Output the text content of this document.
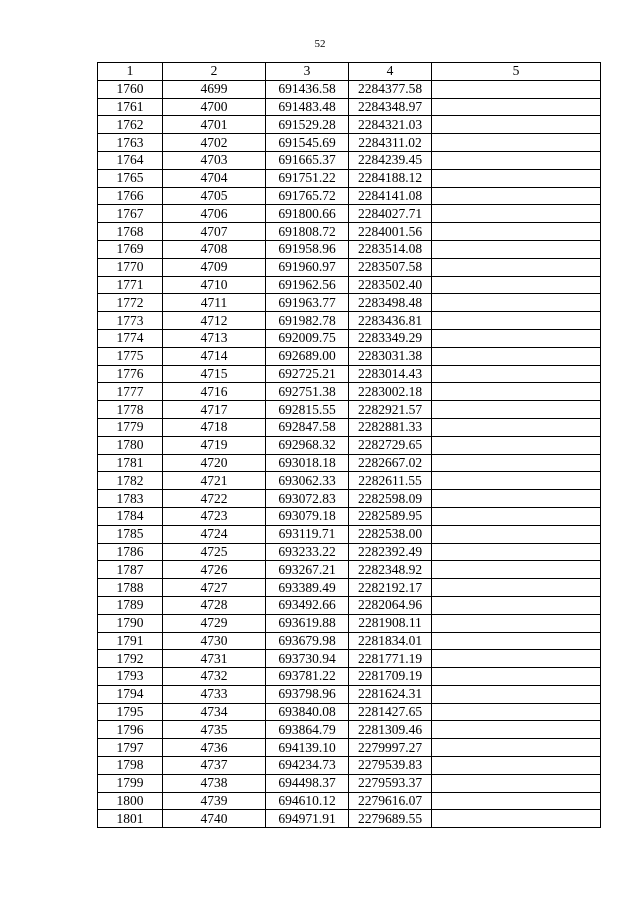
52
1	2	3	4	5
1760	4699	691436.58	2284377.58	
1761	4700	691483.48	2284348.97	
1762	4701	691529.28	2284321.03	
1763	4702	691545.69	2284311.02	
1764	4703	691665.37	2284239.45	
1765	4704	691751.22	2284188.12	
1766	4705	691765.72	2284141.08	
1767	4706	691800.66	2284027.71	
1768	4707	691808.72	2284001.56	
1769	4708	691958.96	2283514.08	
1770	4709	691960.97	2283507.58	
1771	4710	691962.56	2283502.40	
1772	4711	691963.77	2283498.48	
1773	4712	691982.78	2283436.81	
1774	4713	692009.75	2283349.29	
1775	4714	692689.00	2283031.38	
1776	4715	692725.21	2283014.43	
1777	4716	692751.38	2283002.18	
1778	4717	692815.55	2282921.57	
1779	4718	692847.58	2282881.33	
1780	4719	692968.32	2282729.65	
1781	4720	693018.18	2282667.02	
1782	4721	693062.33	2282611.55	
1783	4722	693072.83	2282598.09	
1784	4723	693079.18	2282589.95	
1785	4724	693119.71	2282538.00	
1786	4725	693233.22	2282392.49	
1787	4726	693267.21	2282348.92	
1788	4727	693389.49	2282192.17	
1789	4728	693492.66	2282064.96	
1790	4729	693619.88	2281908.11	
1791	4730	693679.98	2281834.01	
1792	4731	693730.94	2281771.19	
1793	4732	693781.22	2281709.19	
1794	4733	693798.96	2281624.31	
1795	4734	693840.08	2281427.65	
1796	4735	693864.79	2281309.46	
1797	4736	694139.10	2279997.27	
1798	4737	694234.73	2279539.83	
1799	4738	694498.37	2279593.37	
1800	4739	694610.12	2279616.07	
1801	4740	694971.91	2279689.55	
